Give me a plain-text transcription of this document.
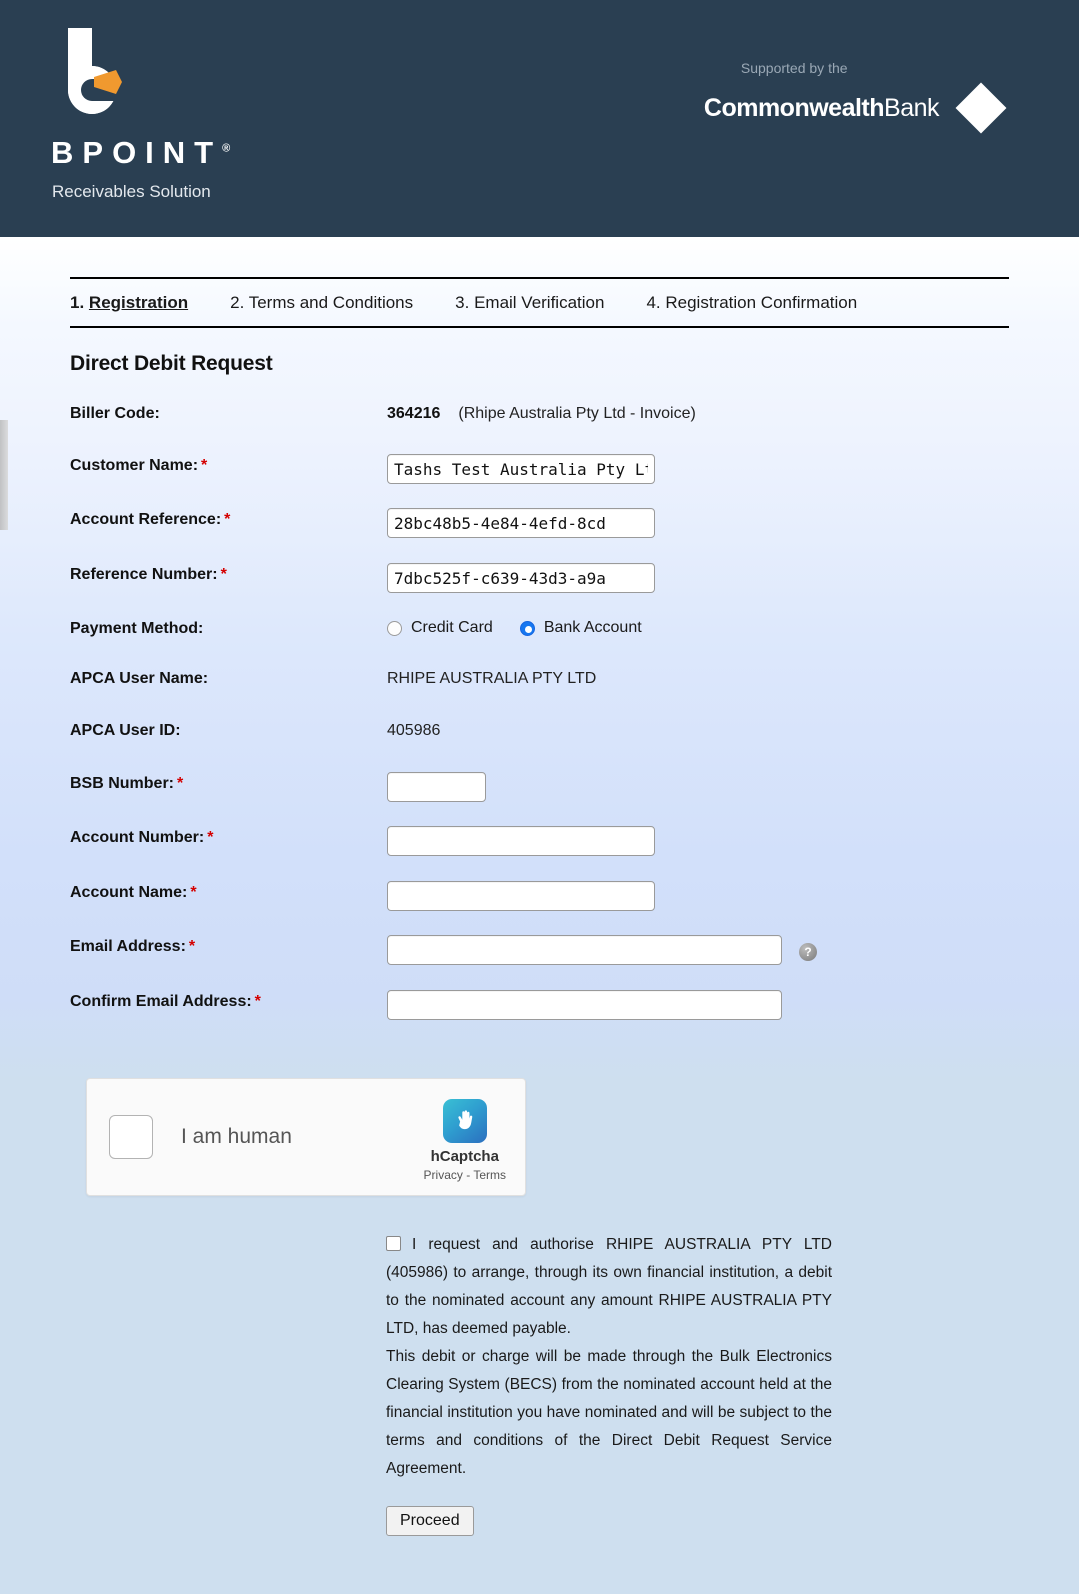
BPOINT®

Receivables Solution

Supported by the

CommonwealthBank
1. Registration 2. Terms and Conditions 3. Email Verification 4. Registration Confirmation
Direct Debit Request
Biller Code:	364216 (Rhipe Australia Pty Ltd - Invoice)
Customer Name: *
Tashs Test Australia Pty Ltd
Account Reference: *
28bc48b5-4e84-4efd-8cd
Reference Number: *
7dbc525f-c639-43d3-a9a
Payment Method:	Credit Card	Bank Account
APCA User Name:	RHIPE AUSTRALIA PTY LTD
APCA User ID:	405986
BSB Number: *
Account Number: *
Account Name: *
Email Address: *	?
Confirm Email Address: *
I am human
hCaptcha
Privacy - Terms

I request and authorise RHIPE AUSTRALIA PTY LTD (405986) to arrange, through its own financial institution, a debit to the nominated account any amount RHIPE AUSTRALIA PTY LTD, has deemed payable.

This debit or charge will be made through the Bulk Electronics Clearing System (BECS) from the nominated account held at the financial institution you have nominated and will be subject to the terms and conditions of the Direct Debit Request Service Agreement.

Proceed
